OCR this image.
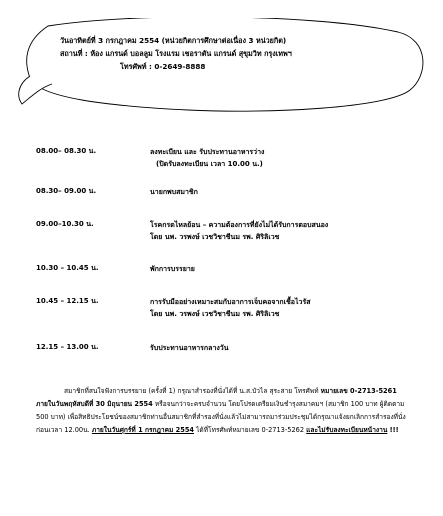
วันอาทิตย์ที่ 3 กรกฎาคม 2554 (หน่วยกิตการศึกษาต่อเนื่อง 3 หน่วยกิต)
สถานที่ : ห้อง แกรนด์ บอลลูม โรงแรม เชอราตัน แกรนด์ สุขุมวิท กรุงเทพฯ
โทรศัพท์ : 0-2649-8888
08.00– 08.30 น.	ลงทะเบียน และ รับประทานอาหารว่าง
(ปิดรับลงทะเบียน เวลา 10.00 น.)
08.30– 09.00 น.	นายกพบสมาชิก
09.00–10.30 น.	โรคกรดไหลย้อน – ความต้องการที่ยังไม่ได้รับการตอบสนอง
โดย นพ. วรพงษ์ เวชวิชาชีนม รพ. ศิริลิเวช
10.30 – 10.45 น.	พักการบรรยาย
10.45 – 12.15 น.	การรับมืออย่างเหมาะสมกับอาการเจ็บคอจากเชื้อไวรัส
โดย นพ. วรพงษ์ เวชวิชาชีนม รพ. ศิริลิเวช
12.15 – 13.00 น.	รับประทานอาหารกลางวัน
สมาชิกที่สนใจฟังการบรรยาย (ครั้งที่ 1) กรุณาสำรองที่นั่งได้ที่ น.ส.บัวไล สุระสาย โทรศัพท์ หมายเลข 0-2713-5261 ภายในวันพฤหัสบดีที่ 30 มิถุนายน 2554 หรือจนกว่าจะครบจำนวน โดยโปรดเตรียมเงินชำรุงสมาคมฯ (สมาชิก 100 บาท ผู้ติดตาม 500 บาท) เพื่อสิทธิประโยชน์ของสมาชิกท่านอื่นสมาชิกที่สำรองที่นั่งแล้วไม่สามารถมาร่วมประชุมได้กรุณาแจ้งยกเลิกการสำรองที่นั่งก่อนเวลา 12.00น. ภายในวันศุกร์ที่ 1 กรกฎาคม 2554 ได้ที่โทรศัพท์หมายเลข 0-2713-5262 และไม่รับลงทะเบียนหน้างาน !!!
